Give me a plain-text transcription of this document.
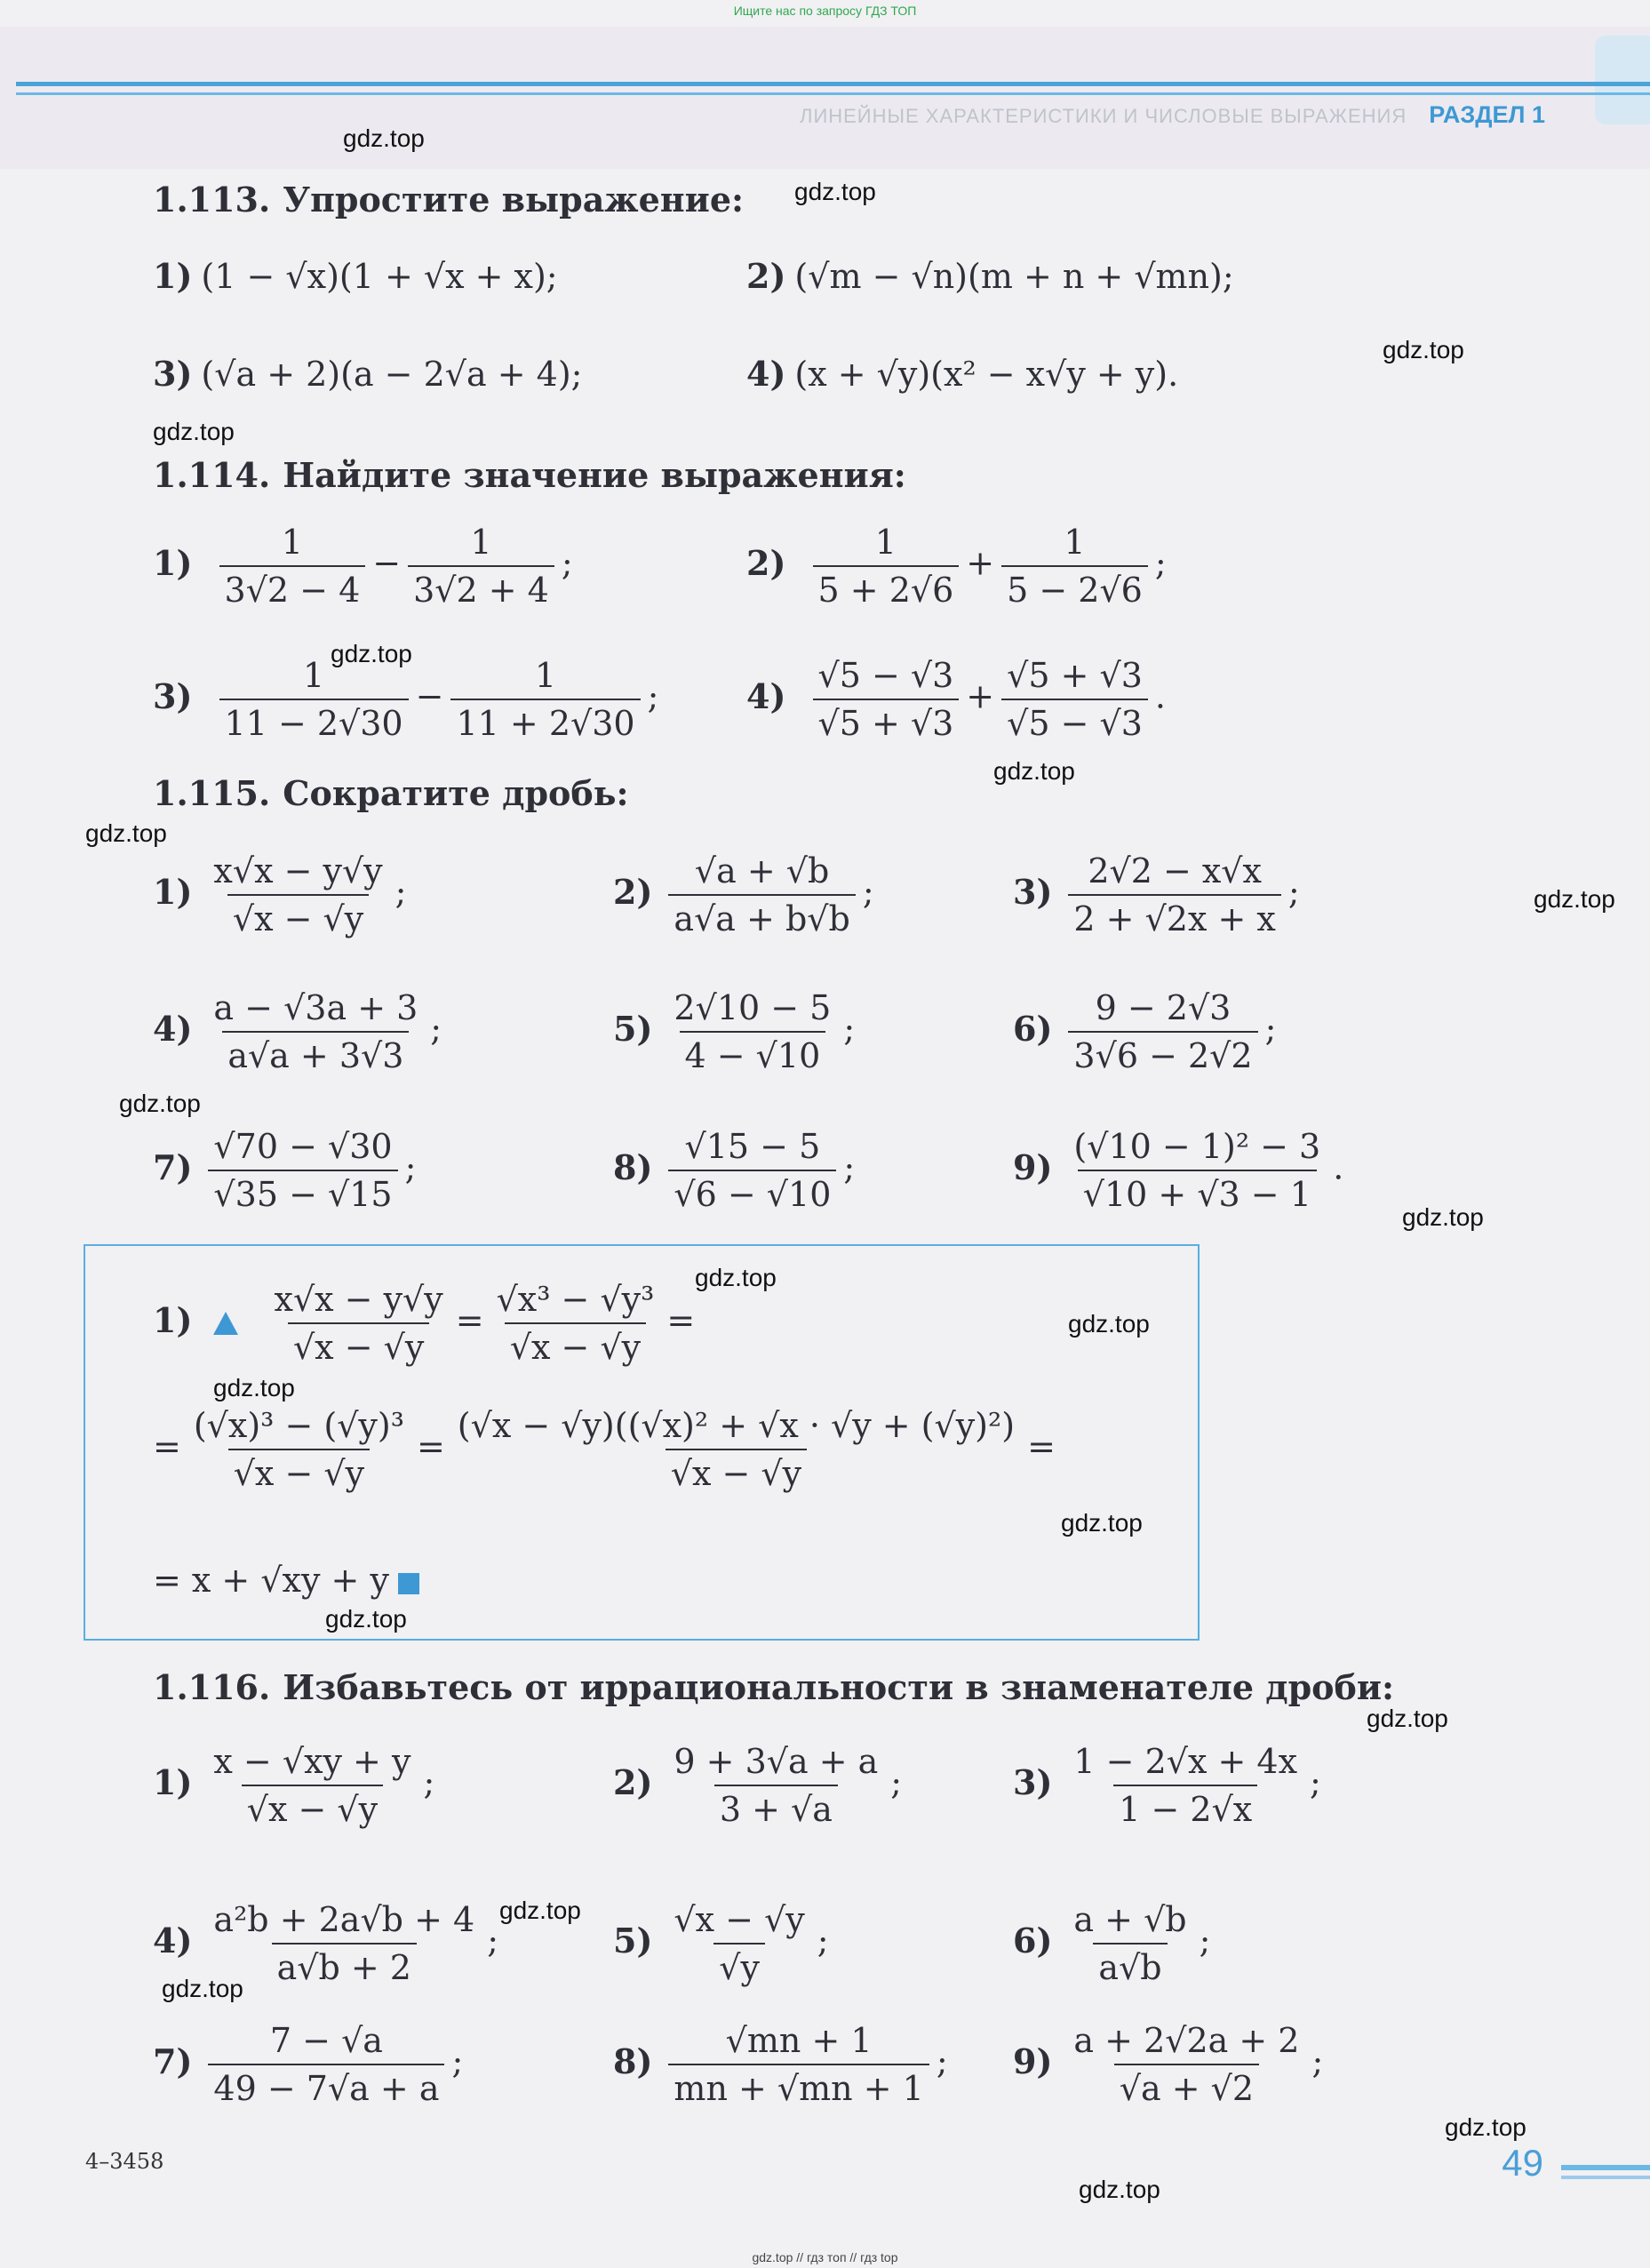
Ищите нас по запросу ГДЗ ТОП
ЛИНЕЙНЫЕ ХАРАКТЕРИСТИКИ И ЧИСЛОВЫЕ ВЫРАЖЕНИЯ РАЗДЕЛ 1
gdz.top
gdz.top
gdz.top
gdz.top
gdz.top
gdz.top
gdz.top
gdz.top
gdz.top
gdz.top
gdz.top
gdz.top
gdz.top
gdz.top
gdz.top
gdz.top
gdz.top
gdz.top
gdz.top
gdz.top
1.113. Упростите выражение:
1) (1 − √x)(1 + √x + x);	2) (√m − √n)(m + n + √mn);
3) (√a + 2)(a − 2√a + 4);	4) (x + √y)(x² − x√y + y).
1.114. Найдите значение выражения:
$1) \frac{1}{3√2 - 4} - \frac{1}{3√2 + 4}$ ;	$2) \frac{1}{5 + 2√6} + \frac{1}{5 - 2√6}$ ;
$3) \frac{1}{11 - 2√30} - \frac{1}{11 + 2√30}$ ;	$4) \frac{√5 - √3}{√5 + √3} + \frac{√5 + √3}{√5 - √3}$ .
1.115. Сократите дробь:
$1) \frac{x√x - y√y}{√x - √y}$ ;	$2) \frac{√a + √b}{a√a + b√b}$ ;	$3) \frac{2√2 - x√x}{2 + √2x + x}$ ;
$4) \frac{a - √3a + 3}{a√a + 3√3}$ ;	$5) \frac{2√10 - 5}{4 - √10}$ ;	$6) \frac{9 - 2√3}{3√6 - 2√2}$ ;
$7) \frac{√70 - √30}{√35 - √15}$ ;	$8) \frac{√15 - 5}{√6 - √10}$ ;	$9) \frac{\text{(√10 − 1)² − 3}}{√10 + √3 - 1}$ .
$1) \frac{x√x - y√y}{√x - √y} = \frac{\text{√x³ − √y³}}{√x - √y}$ =
= $\frac{\text{(√x)³ − (√y)³}}{√x - √y} = \frac{\text{(√x − √y)((√x)² + √x · √y + (√y)²)}}{√x - √y}$ =
= x + √xy + y
1.116. Избавьтесь от иррациональности в знаменателе дроби:
$1) \frac{x - √xy + y}{√x - √y}$ ;	$2) \frac{9 + 3√a + a}{3 + √a}$ ;	$3) \frac{1 - 2√x + 4x}{1 - 2√x}$ ;
$4) \frac{\text{a²b + 2a√b + 4}}{a√b + 2}$ ;	$5) \frac{√x - √y}{√y}$ ;	$6) \frac{a + √b}{a√b}$ ;
$7) \frac{7 - √a}{49 - 7√a + a}$ ;	$8) \frac{√mn + 1}{mn + √mn + 1}$ ; $9) \frac{a + 2√2a + 2}{√a + √2}$ ;
4–3458	49
gdz.top // гдз топ // гдз top
